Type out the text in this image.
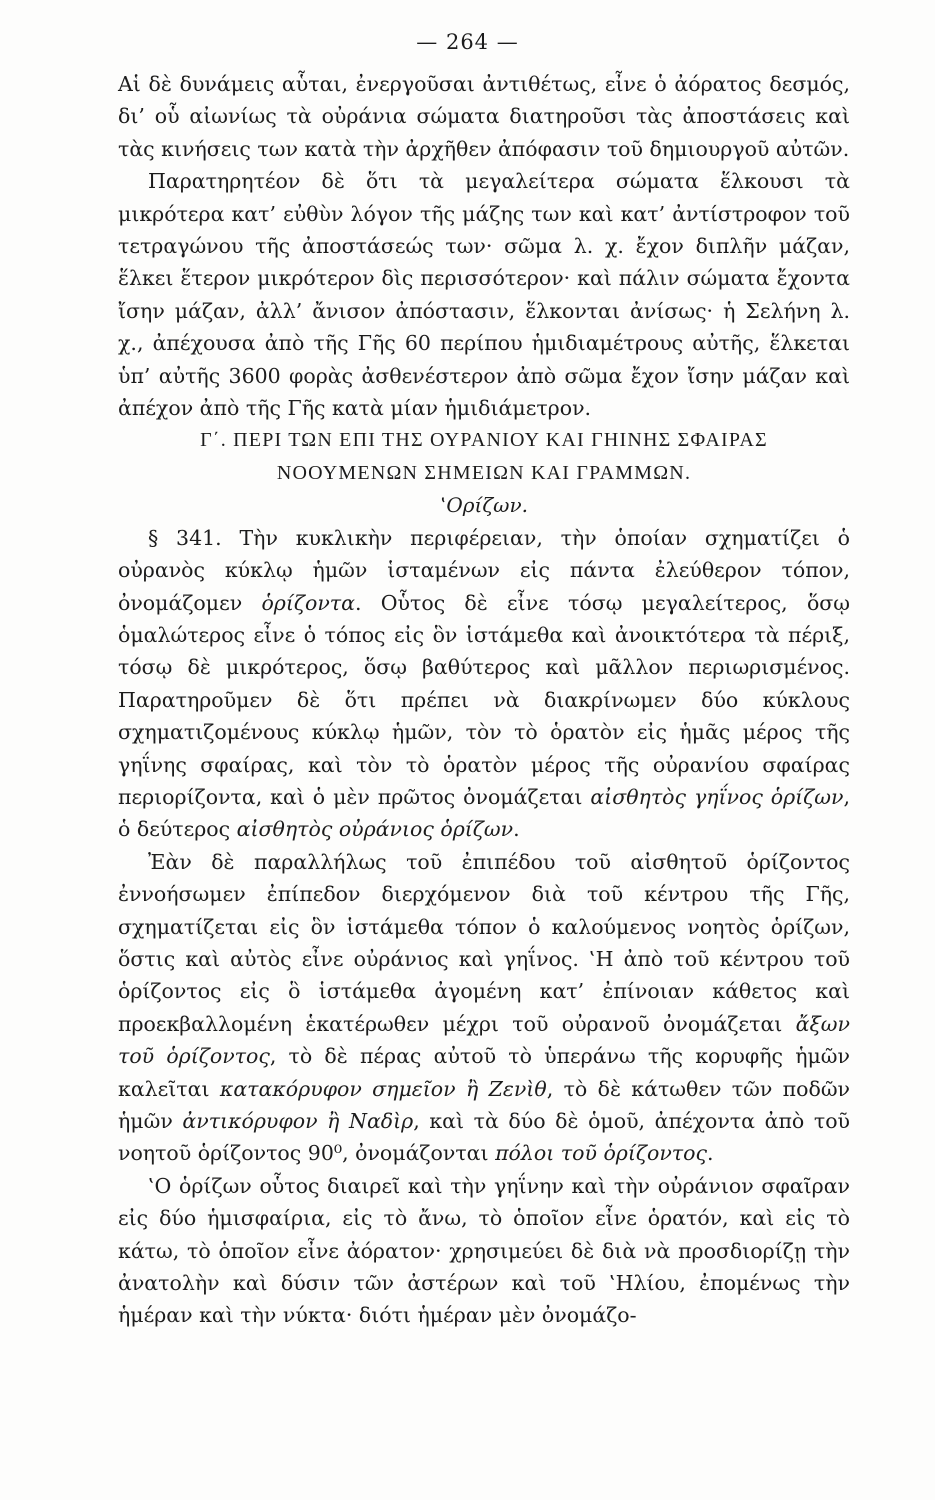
— 264 —

Αἱ δὲ δυνάμεις αὗται, ἐνεργοῦσαι ἀντιθέτως, εἶνε ὁ ἀόρατος δεσμός, δι’ οὗ αἰωνίως τὰ οὐράνια σώματα διατηροῦσι τὰς ἀποστάσεις καὶ τὰς κινήσεις των κατὰ τὴν ἀρχῆθεν ἀπόφασιν τοῦ δημιουργοῦ αὐτῶν.

Παρατηρητέον δὲ ὅτι τὰ μεγαλείτερα σώματα ἕλκουσι τὰ μικρότερα κατ’ εὐθὺν λόγον τῆς μάζης των καὶ κατ’ ἀντίστροφον τοῦ τετραγώνου τῆς ἀποστάσεώς των· σῶμα λ. χ. ἔχον διπλῆν μάζαν, ἕλκει ἕτερον μικρότερον δὶς περισσότερον· καὶ πάλιν σώματα ἔχοντα ἴσην μάζαν, ἀλλ’ ἄνισον ἀπόστασιν, ἕλκονται ἀνίσως· ἡ Σελήνη λ. χ., ἀπέχουσα ἀπὸ τῆς Γῆς 60 περίπου ἡμιδιαμέτρους αὐτῆς, ἕλκεται ὑπ’ αὐτῆς 3600 φορὰς ἀσθενέστερον ἀπὸ σῶμα ἔχον ἴσην μάζαν καὶ ἀπέχον ἀπὸ τῆς Γῆς κατὰ μίαν ἡμιδιάμετρον.

Γ΄. ΠΕΡΙ ΤΩΝ ΕΠΙ ΤΗΣ ΟΥΡΑΝΙΟΥ ΚΑΙ ΓΗΙΝΗΣ ΣΦΑΙΡΑΣ

ΝΟΟΥΜΕΝΩΝ ΣΗΜΕΙΩΝ ΚΑΙ ΓΡΑΜΜΩΝ.

‛Ορίζων.

§ 341. Τὴν κυκλικὴν περιφέρειαν, τὴν ὁποίαν σχηματίζει ὁ οὐρανὸς κύκλῳ ἡμῶν ἱσταμένων εἰς πάντα ἐλεύθερον τόπον, ὀνομάζομεν ὁρίζοντα. Οὗτος δὲ εἶνε τόσῳ μεγαλείτερος, ὅσῳ ὁμαλώτερος εἶνε ὁ τόπος εἰς ὃν ἱστάμεθα καὶ ἀνοικτότερα τὰ πέριξ, τόσῳ δὲ μικρότερος, ὅσῳ βαθύτερος καὶ μᾶλλον περιωρισμένος. Παρατηροῦμεν δὲ ὅτι πρέπει νὰ διακρίνωμεν δύο κύκλους σχηματιζομένους κύκλῳ ἡμῶν, τὸν τὸ ὁρατὸν εἰς ἡμᾶς μέρος τῆς γηΐνης σφαίρας, καὶ τὸν τὸ ὁρατὸν μέρος τῆς οὐρανίου σφαίρας περιορίζοντα, καὶ ὁ μὲν πρῶτος ὀνομάζεται αἰσθητὸς γηΐνος ὁρίζων, ὁ δεύτερος αἰσθητὸς οὐράνιος ὁρίζων.

Ἐὰν δὲ παραλλήλως τοῦ ἐπιπέδου τοῦ αἰσθητοῦ ὁρίζοντος ἐννοήσωμεν ἐπίπεδον διερχόμενον διὰ τοῦ κέντρου τῆς Γῆς, σχηματίζεται εἰς ὃν ἱστάμεθα τόπον ὁ καλούμενος νοητὸς ὁρίζων, ὅστις καὶ αὐτὸς εἶνε οὐράνιος καὶ γηΐνος. ‛Η ἀπὸ τοῦ κέντρου τοῦ ὁρίζοντος εἰς ὃ ἱστάμεθα ἀγομένη κατ’ ἐπίνοιαν κάθετος καὶ προεκβαλλομένη ἑκατέρωθεν μέχρι τοῦ οὐρανοῦ ὀνομάζεται ἄξων τοῦ ὁρίζοντος, τὸ δὲ πέρας αὐτοῦ τὸ ὑπεράνω τῆς κορυφῆς ἡμῶν καλεῖται κατακόρυφον σημεῖον ἢ Ζενὶθ, τὸ δὲ κάτωθεν τῶν ποδῶν ἡμῶν ἀντικόρυφον ἢ Ναδὶρ, καὶ τὰ δύο δὲ ὁμοῦ, ἀπέχοντα ἀπὸ τοῦ νοητοῦ ὁρίζοντος 90⁰, ὀνομάζονται πόλοι τοῦ ὁρίζοντος.

‛Ο ὁρίζων οὗτος διαιρεῖ καὶ τὴν γηΐνην καὶ τὴν οὐράνιον σφαῖραν εἰς δύο ἡμισφαίρια, εἰς τὸ ἄνω, τὸ ὁποῖον εἶνε ὁρατόν, καὶ εἰς τὸ κάτω, τὸ ὁποῖον εἶνε ἀόρατον· χρησιμεύει δὲ διὰ νὰ προσδιορίζῃ τὴν ἀνατολὴν καὶ δύσιν τῶν ἀστέρων καὶ τοῦ ‛Ηλίου, ἐπομένως τὴν ἡμέραν καὶ τὴν νύκτα· διότι ἡμέραν μὲν ὀνομάζο-
